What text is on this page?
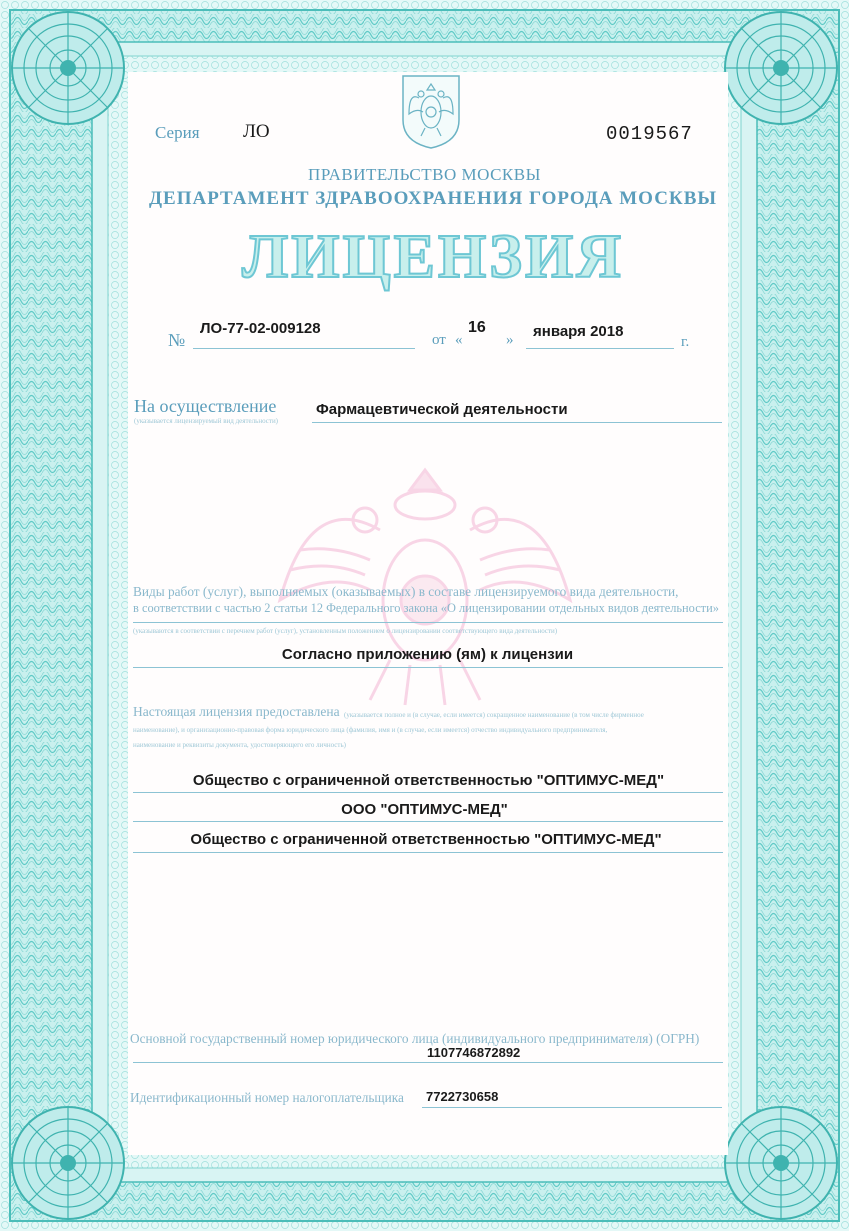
Серия ЛО	0019567
ПРАВИТЕЛЬСТВО МОСКВЫ
ДЕПАРТАМЕНТ ЗДРАВООХРАНЕНИЯ ГОРОДА МОСКВЫ
ЛИЦЕНЗИЯ
№
ЛО-77-02-009128
от «
16
» января 2018
г.
На осуществление
(указывается лицензируемый вид деятельности)
Фармацевтической деятельности
Виды работ (услуг), выполняемых (оказываемых) в составе лицензируемого вида деятельности,
в соответствии с частью 2 статьи 12 Федерального закона «О лицензировании отдельных видов деятельности»
(указываются в соответствии с перечнем работ (услуг), установленным положением о лицензировании соответствующего вида деятельности)
Согласно приложению (ям) к лицензии
Настоящая лицензия предоставлена (указывается полное и (в случае, если имеется) сокращенное наименование (в том числе фирменное
наименование), и организационно-правовая форма юридического лица (фамилия, имя и (в случае, если имеется) отчество индивидуального предпринимателя,
наименование и реквизиты документа, удостоверяющего его личность)
Общество с ограниченной ответственностью "ОПТИМУС-МЕД"
ООО "ОПТИМУС-МЕД"
Общество с ограниченной ответственностью "ОПТИМУС-МЕД"
Основной государственный номер юридического лица (индивидуального предпринимателя) (ОГРН)
1107746872892
Идентификационный номер налогоплательщика 7722730658
